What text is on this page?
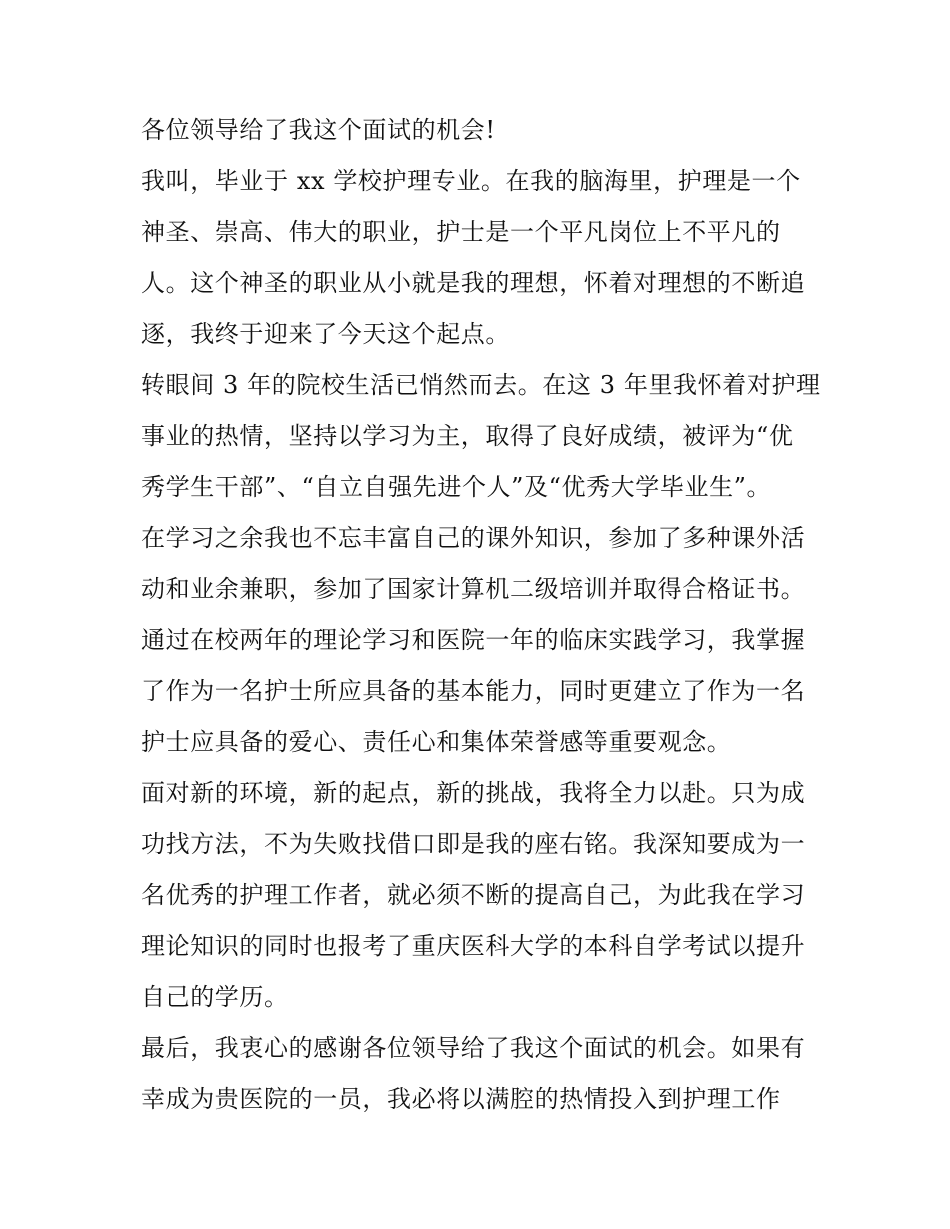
各位领导给了我这个面试的机会!
我叫，毕业于 xx 学校护理专业。在我的脑海里，护理是一个
神圣、崇高、伟大的职业，护士是一个平凡岗位上不平凡的
人。这个神圣的职业从小就是我的理想，怀着对理想的不断追
逐，我终于迎来了今天这个起点。
转眼间 3 年的院校生活已悄然而去。在这 3 年里我怀着对护理
事业的热情，坚持以学习为主，取得了良好成绩，被评为“优
秀学生干部”、“自立自强先进个人”及“优秀大学毕业生”。
在学习之余我也不忘丰富自己的课外知识，参加了多种课外活
动和业余兼职，参加了国家计算机二级培训并取得合格证书。
通过在校两年的理论学习和医院一年的临床实践学习，我掌握
了作为一名护士所应具备的基本能力，同时更建立了作为一名
护士应具备的爱心、责任心和集体荣誉感等重要观念。
面对新的环境，新的起点，新的挑战，我将全力以赴。只为成
功找方法，不为失败找借口即是我的座右铭。我深知要成为一
名优秀的护理工作者，就必须不断的提高自己，为此我在学习
理论知识的同时也报考了重庆医科大学的本科自学考试以提升
自己的学历。
最后，我衷心的感谢各位领导给了我这个面试的机会。如果有
幸成为贵医院的一员，我必将以满腔的热情投入到护理工作
